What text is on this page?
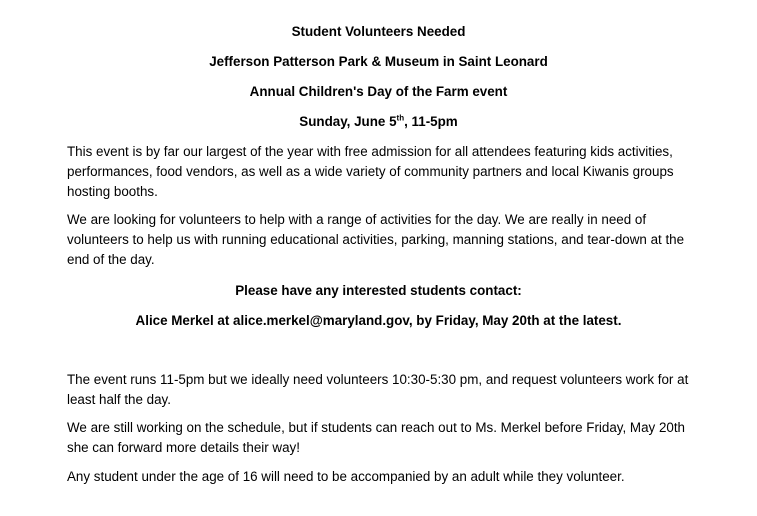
Student Volunteers Needed
Jefferson Patterson Park & Museum in Saint Leonard
Annual Children's Day of the Farm event
Sunday, June 5th, 11-5pm
This event is by far our largest of the year with free admission for all attendees featuring kids activities, performances, food vendors, as well as a wide variety of community partners and local Kiwanis groups hosting booths.
We are looking for volunteers to help with a range of activities for the day. We are really in need of volunteers to help us with running educational activities, parking, manning stations, and tear-down at the end of the day.
Please have any interested students contact:
Alice Merkel at alice.merkel@maryland.gov, by Friday, May 20th at the latest.
The event runs 11-5pm but we ideally need volunteers 10:30-5:30 pm, and request volunteers work for at least half the day.
We are still working on the schedule, but if students can reach out to Ms. Merkel before Friday, May 20th she can forward more details their way!
Any student under the age of 16 will need to be accompanied by an adult while they volunteer.
